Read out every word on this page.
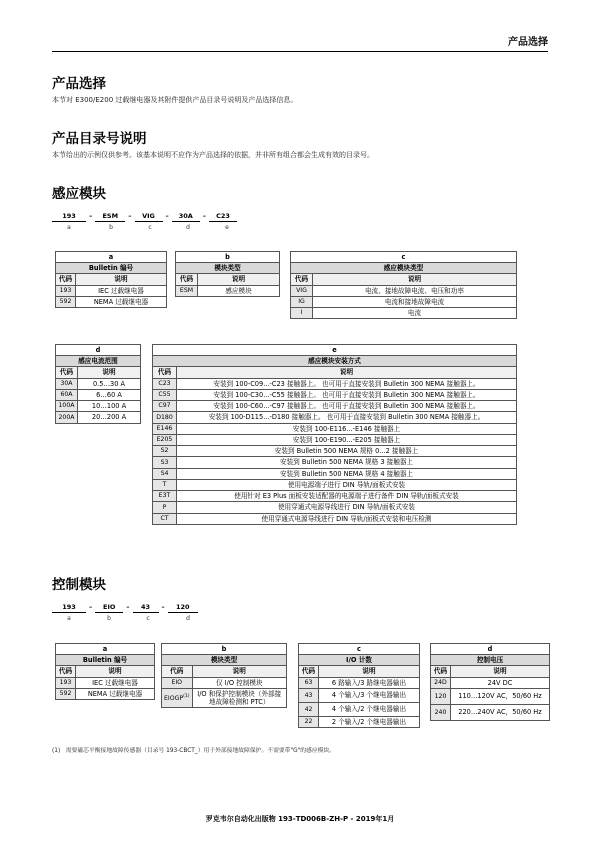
产品选择
产品选择
本节对 E300/E200 过载继电器及其附件提供产品目录号说明及产品选择信息。
产品目录号说明
本节给出的示例仅供参考。该基本说明不应作为产品选择的依据，并非所有组合都会生成有效的目录号。
感应模块
193	–	ESM	–	VIG	–	30A	–	C23
a	b	c	d	e
a	
Bulletin 编号	
代码	说明
193	IEC 过载继电器
592	NEMA 过载继电器
b	
模块类型	
代码	说明
ESM	感应模块
c	
感应模块类型	
代码	说明
VIG	电流、接地故障电流、电压和功率
IG	电流和接地故障电流
I	电流
d	
感应电流范围	
代码	说明
30A	0.5…30 A
60A	6…60 A
100A	10…100 A
200A	20…200 A
e	
感应模块安装方式	
代码	说明
C23	安装到 100-C09...-C23 接触器上。 也可用于直接安装到 Bulletin 300 NEMA 接触器上。
C55	安装到 100-C30...-C55 接触器上。 也可用于直接安装到 Bulletin 300 NEMA 接触器上。
C97	安装到 100-C60...-C97 接触器上。 也可用于直接安装到 Bulletin 300 NEMA 接触器上。
D180	安装到 100-D115...-D180 接触器上。 也可用于直接安装到 Bulletin 300 NEMA 接触器上。
E146	安装到 100-E116...-E146 接触器上
E205	安装到 100-E190...-E205 接触器上
S2	安装到 Bulletin 500 NEMA 规格 0...2 接触器上
S3	安装到 Bulletin 500 NEMA 规格 3 接触器上
S4	安装到 Bulletin 500 NEMA 规格 4 接触器上
T	使用电源端子进行 DIN 导轨/面板式安装
E3T	使用针对 E3 Plus 面板安装适配器的电源端子进行备件 DIN 导轨/面板式安装
P	使用穿通式电源导线进行 DIN 导轨/面板式安装
CT	使用穿通式电源导线进行 DIN 导轨/面板式安装和电压检测
控制模块
193	–	EIO	–	43	–	120
a	b	c	d
a	
Bulletin 编号	
代码	说明
193	IEC 过载继电器
592	NEMA 过载继电器
b	
模块类型	
代码	说明
EIO	仅 I/O 控制模块
EIOGP$^{(1)}$	I/O 和保护控制模块（外部接地故障检测和 PTC）
c	
I/O 计数	
代码	说明
63	6 路输入/3 路继电器输出
43	4 个输入/3 个继电器输出
42	4 个输入/2 个继电器输出
22	2 个输入/2 个继电器输出
d	
控制电压	
代码	说明
24D	24V DC
120	110…120V AC，50/60 Hz
240	220…240V AC，50/60 Hz
(1) 需要磁芯平衡接地故障传感器（目录号 193-CBCT_）用于外部接地故障保护。不需要带"G"的感应模块。
罗克韦尔自动化出版物 193-TD006B-ZH-P - 2019年1月
